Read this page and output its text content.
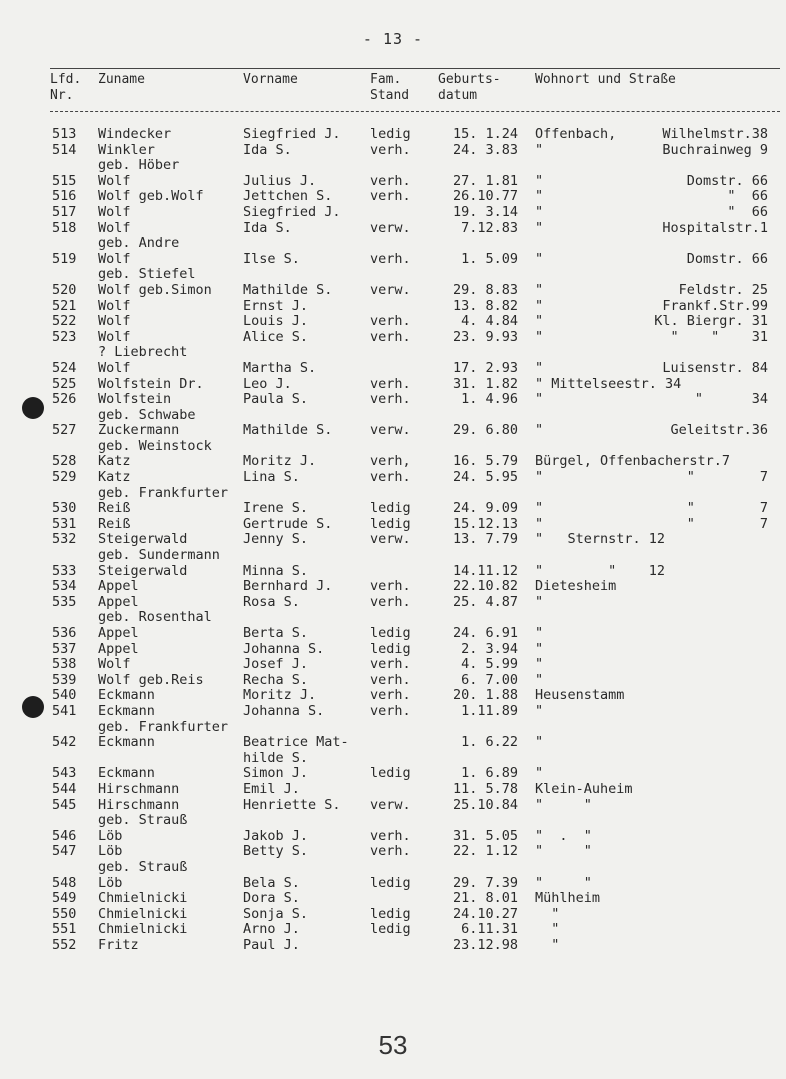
- 13 -
Lfd.
Nr.
Zuname	Vorname	Fam.
Stand
Geburts-
datum
Wohnort und Straße
513	Windecker	Siegfried J. ledig	15. 1.24 Offenbach,	Wilhelmstr.38
514	Winkler	Ida S.	verh.	24. 3.83 "	Buchrainweg 9
geb. Höber
515	Wolf	Julius J.	verh.	27. 1.81 "	Domstr. 66
516	Wolf geb.Wolf	Jettchen S.	verh.	26.10.77 "	"  66
517	Wolf	Siegfried J.	19. 3.14 "	"  66
518	Wolf	Ida S.	verw.	7.12.83 "	Hospitalstr.1
geb. Andre
519	Wolf	Ilse S.	verh.	1. 5.09 "	Domstr. 66
geb. Stiefel
520	Wolf geb.Simon Mathilde S.	verw.	29. 8.83 "	Feldstr. 25
521	Wolf	Ernst J.	13. 8.82 "	Frankf.Str.99
522	Wolf	Louis J.	verh.	4. 4.84 "	Kl. Biergr. 31
523	Wolf	Alice S.	verh.	23. 9.93 "	"    "    31
? Liebrecht
524	Wolf	Martha S.	17. 2.93 "	Luisenstr. 84
525	Wolfstein Dr.	Leo J.	verh.	31. 1.82 " Mittelseestr. 34
526	Wolfstein	Paula S.	verh.	1. 4.96 "	"      34
geb. Schwabe
527	Zuckermann	Mathilde S.	verw.	29. 6.80 "	Geleitstr.36
geb. Weinstock
528	Katz	Moritz J.	verh,	16. 5.79 Bürgel, Offenbacherstr.7
529	Katz	Lina S.	verh.	24. 5.95 "	"        7
geb. Frankfurter
530	Reiß	Irene S.	ledig	24. 9.09 "	"        7
531	Reiß	Gertrude S.	ledig	15.12.13 "	"        7
532	Steigerwald	Jenny S.	verw.	13. 7.79 "   Sternstr. 12
geb. Sundermann
533	Steigerwald	Minna S.	14.11.12 "        "    12
534	Appel	Bernhard J.	verh.	22.10.82 Dietesheim
535	Appel	Rosa S.	verh.	25. 4.87 "
geb. Rosenthal
536	Appel	Berta S.	ledig	24. 6.91 "
537	Appel	Johanna S.	ledig	2. 3.94 "
538	Wolf	Josef J.	verh.	4. 5.99 "
539	Wolf geb.Reis	Recha S.	verh.	6. 7.00 "
540	Eckmann	Moritz J.	verh.	20. 1.88 Heusenstamm
541	Eckmann	Johanna S.	verh.	1.11.89 "
geb. Frankfurter
542	Eckmann	Beatrice Mat-	1. 6.22 "
hilde S.
543	Eckmann	Simon J.	ledig	1. 6.89 "
544	Hirschmann	Emil J.	11. 5.78 Klein-Auheim
545	Hirschmann	Henriette S. verw.	25.10.84 "     "
geb. Strauß
546	Löb	Jakob J.	verh.	31. 5.05 "  .  "
547	Löb	Betty S.	verh.	22. 1.12 "     "
geb. Strauß
548	Löb	Bela S.	ledig	29. 7.39 "     "
549	Chmielnicki	Dora S.	21. 8.01 Mühlheim
550	Chmielnicki	Sonja S.	ledig	24.10.27 "
551	Chmielnicki	Arno J.	ledig	6.11.31 "
552	Fritz	Paul J.	23.12.98 "
53
